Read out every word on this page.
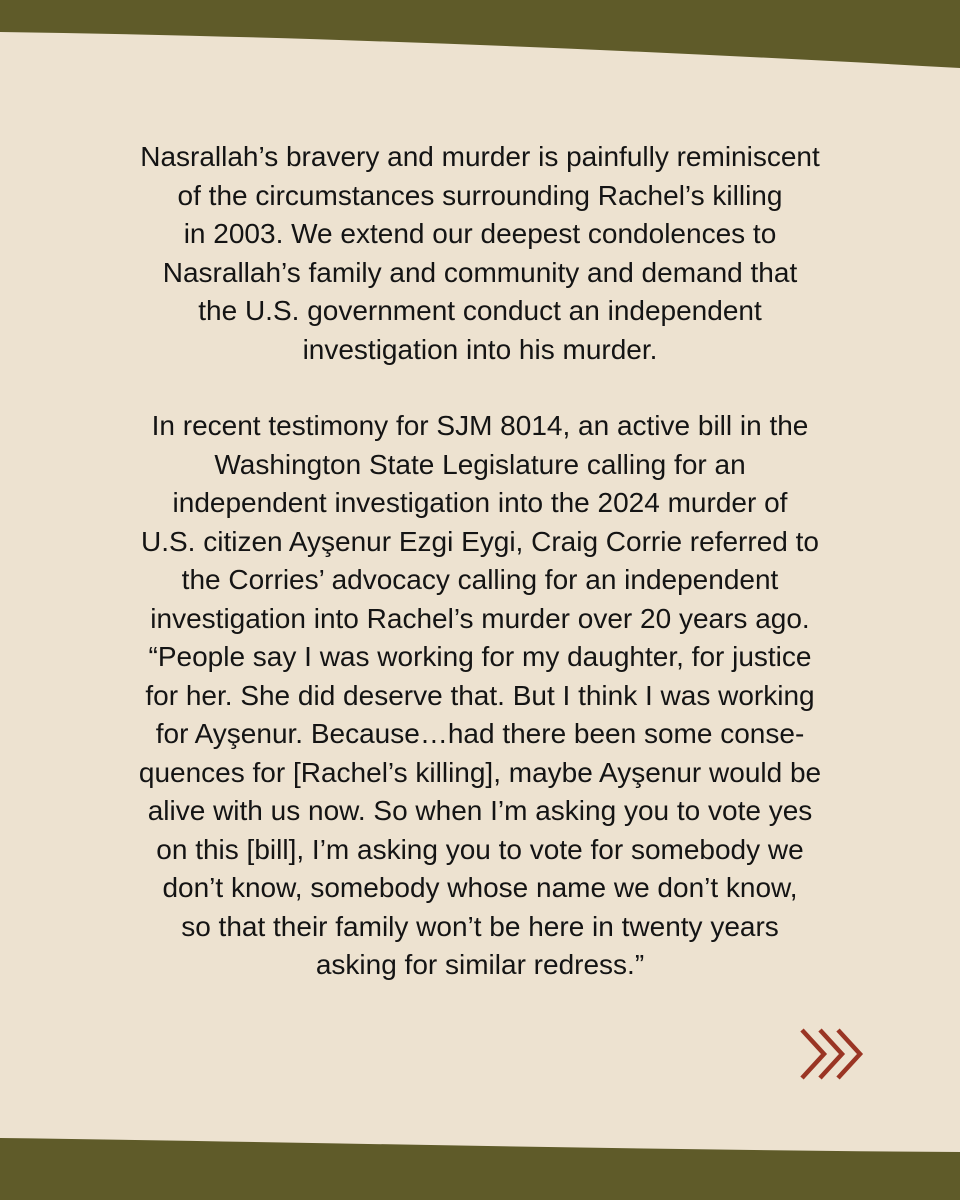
Nasrallah’s bravery and murder is painfully reminiscent
of the circumstances surrounding Rachel’s killing
in 2003. We extend our deepest condolences to
Nasrallah’s family and community and demand that
the U.S. government conduct an independent
investigation into his murder.
In recent testimony for SJM 8014, an active bill in the
Washington State Legislature calling for an
independent investigation into the 2024 murder of
U.S. citizen Ayşenur Ezgi Eygi, Craig Corrie referred to
the Corries’ advocacy calling for an independent
investigation into Rachel’s murder over 20 years ago.
“People say I was working for my daughter, for justice
for her. She did deserve that. But I think I was working
for Ayşenur. Because…had there been some conse-
quences for [Rachel’s killing], maybe Ayşenur would be
alive with us now. So when I’m asking you to vote yes
on this [bill], I’m asking you to vote for somebody we
don’t know, somebody whose name we don’t know,
so that their family won’t be here in twenty years
asking for similar redress.”
